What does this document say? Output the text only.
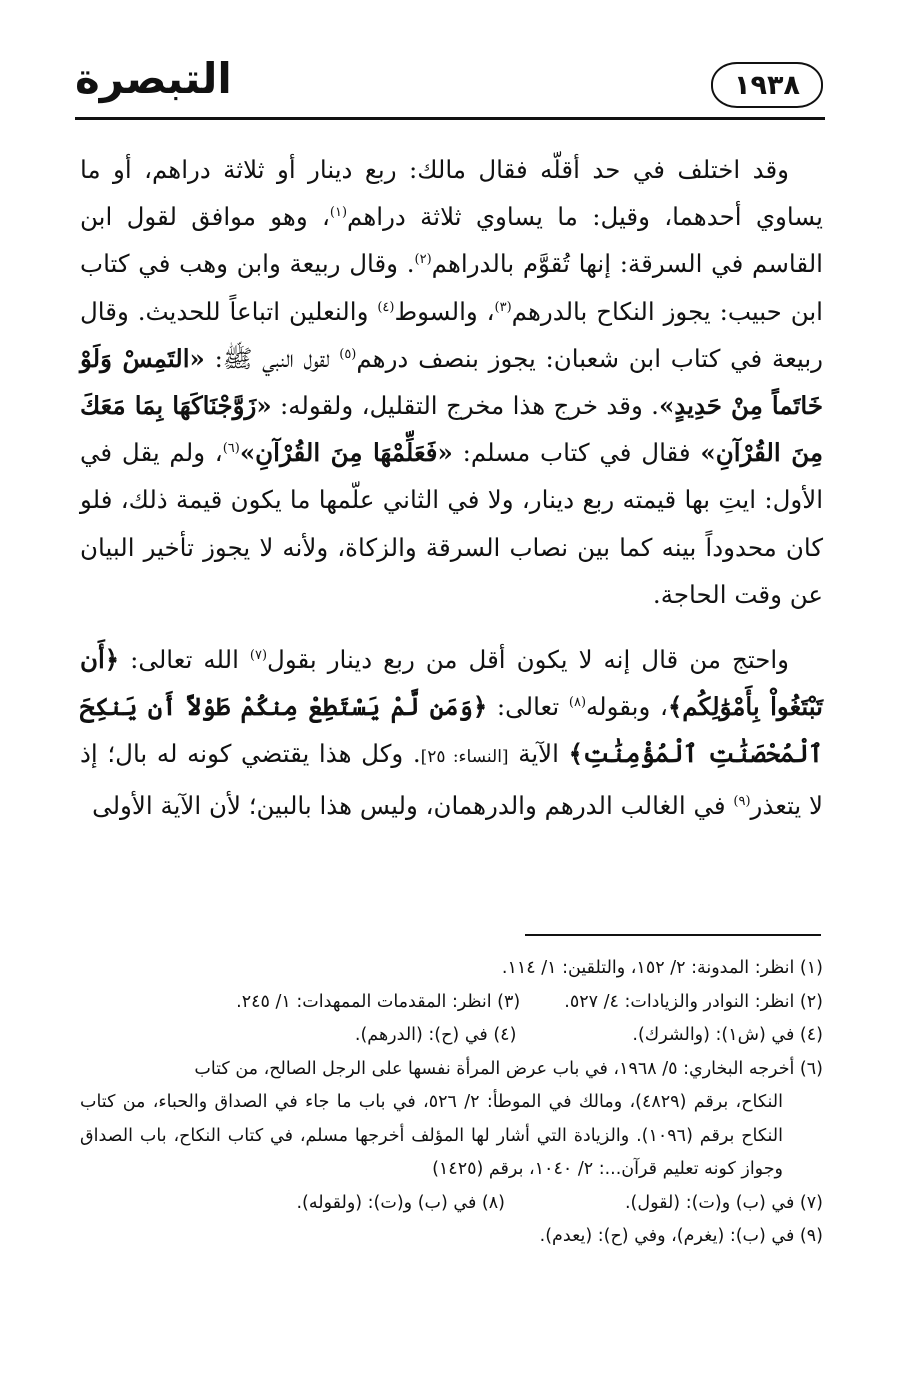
التبصرة	١٩٣٨

وقد اختلف في حد أقلّه فقال مالك: ربع دينار أو ثلاثة دراهم، أو ما يساوي أحدهما، وقيل: ما يساوي ثلاثة دراهم$^{(١)}$، وهو موافق لقول ابن القاسم في السرقة: إنها تُقوَّم بالدراهم$^{(٢)}$. وقال ربيعة وابن وهب في كتاب ابن حبيب: يجوز النكاح بالدرهم$^{(٣)}$، والسوط$^{(٤)}$ والنعلين اتباعاً للحديث. وقال ربيعة في كتاب ابن شعبان: يجوز بنصف درهم$^{(٥)}$ لقول النبي ﷺ: «التَمِسْ وَلَوْ خَاتَماً مِنْ حَدِيدٍ». وقد خرج هذا مخرج التقليل، ولقوله: «زَوَّجْنَاكَهَا بِمَا مَعَكَ مِنَ القُرْآنِ» فقال في كتاب مسلم: «فَعَلِّمْهَا مِنَ القُرْآنِ»$^{(٦)}$، ولم يقل في الأول: ايتِ بها قيمته ربع دينار، ولا في الثاني علّمها ما يكون قيمة ذلك، فلو كان محدوداً بينه كما بين نصاب السرقة والزكاة، ولأنه لا يجوز تأخير البيان عن وقت الحاجة.

واحتج من قال إنه لا يكون أقل من ربع دينار بقول$^{(٧)}$ الله تعالى: ﴿أَن تَبْتَغُواْ بِأَمْوَٰلِكُم﴾، وبقوله$^{(٨)}$ تعالى: ﴿وَمَن لَّمْ يَسْتَطِعْ مِنكُمْ طَوْلاً أَن يَنكِحَ ٱلْمُحْصَنَٰتِ ٱلْمُؤْمِنَٰتِ﴾ الآية [النساء: ٢٥]. وكل هذا يقتضي كونه له بال؛ إذ لا يتعذر$^{(٩)}$ في الغالب الدرهم والدرهمان، وليس هذا بالبين؛ لأن الآية الأولى

(١) انظر: المدونة: ٢/ ١٥٢، والتلقين: ١/ ١١٤.
(٢) انظر: النوادر والزيادات: ٤/ ٥٢٧.
(٣) انظر: المقدمات الممهدات: ١/ ٢٤٥.
(٤) في (ش١): (والشرك).
(٤) في (ح): (الدرهم).
(٦) أخرجه البخاري: ٥/ ١٩٦٨، في باب عرض المرأة نفسها على الرجل الصالح، من كتاب
النكاح، برقم (٤٨٢٩)، ومالك في الموطأ: ٢/ ٥٢٦، في باب ما جاء في الصداق والحباء، من كتاب النكاح برقم (١٠٩٦). والزيادة التي أشار لها المؤلف أخرجها مسلم، في كتاب النكاح، باب الصداق وجواز كونه تعليم قرآن...: ٢/ ١٠٤٠، برقم (١٤٢٥)
(٧) في (ب) و(ت): (لقول).
(٨) في (ب) و(ت): (ولقوله).
(٩) في (ب): (يغرم)، وفي (ح): (يعدم).
